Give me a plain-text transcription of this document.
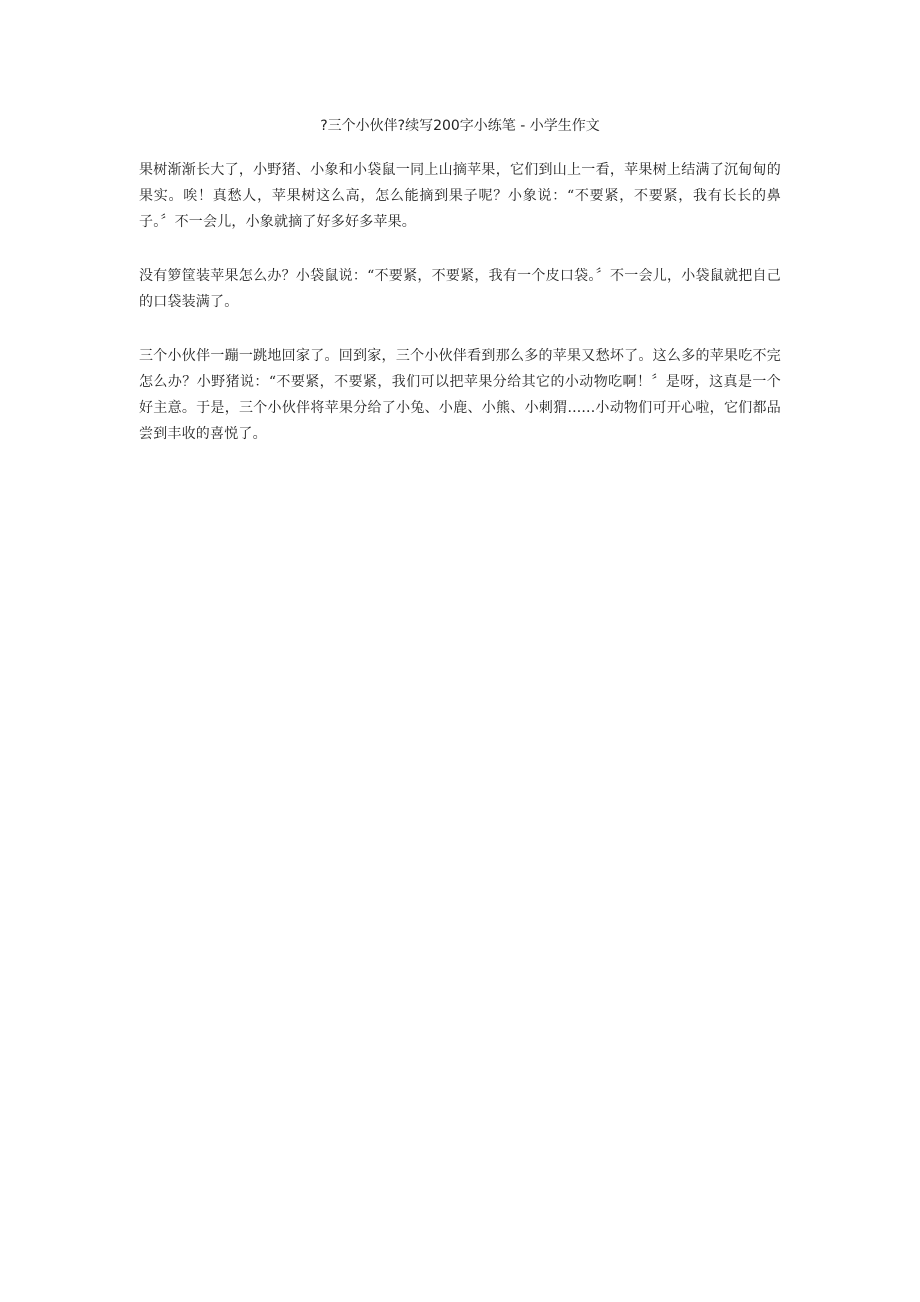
?三个小伙伴?续写200字小练笔 - 小学生作文

果树渐渐长大了，小野猪、小象和小袋鼠一同上山摘苹果，它们到山上一看，苹果树上结满了沉甸甸的果实。唉！真愁人，苹果树这么高，怎么能摘到果子呢？小象说：“不要紧，不要紧，我有长长的鼻子。〞不一会儿，小象就摘了好多好多苹果。

没有箩筐装苹果怎么办？小袋鼠说：“不要紧，不要紧，我有一个皮口袋。〞不一会儿，小袋鼠就把自己的口袋装满了。

三个小伙伴一蹦一跳地回家了。回到家，三个小伙伴看到那么多的苹果又愁坏了。这么多的苹果吃不完怎么办？小野猪说：“不要紧，不要紧，我们可以把苹果分给其它的小动物吃啊！〞是呀，这真是一个好主意。于是，三个小伙伴将苹果分给了小兔、小鹿、小熊、小刺猬......小动物们可开心啦，它们都品尝到丰收的喜悦了。
